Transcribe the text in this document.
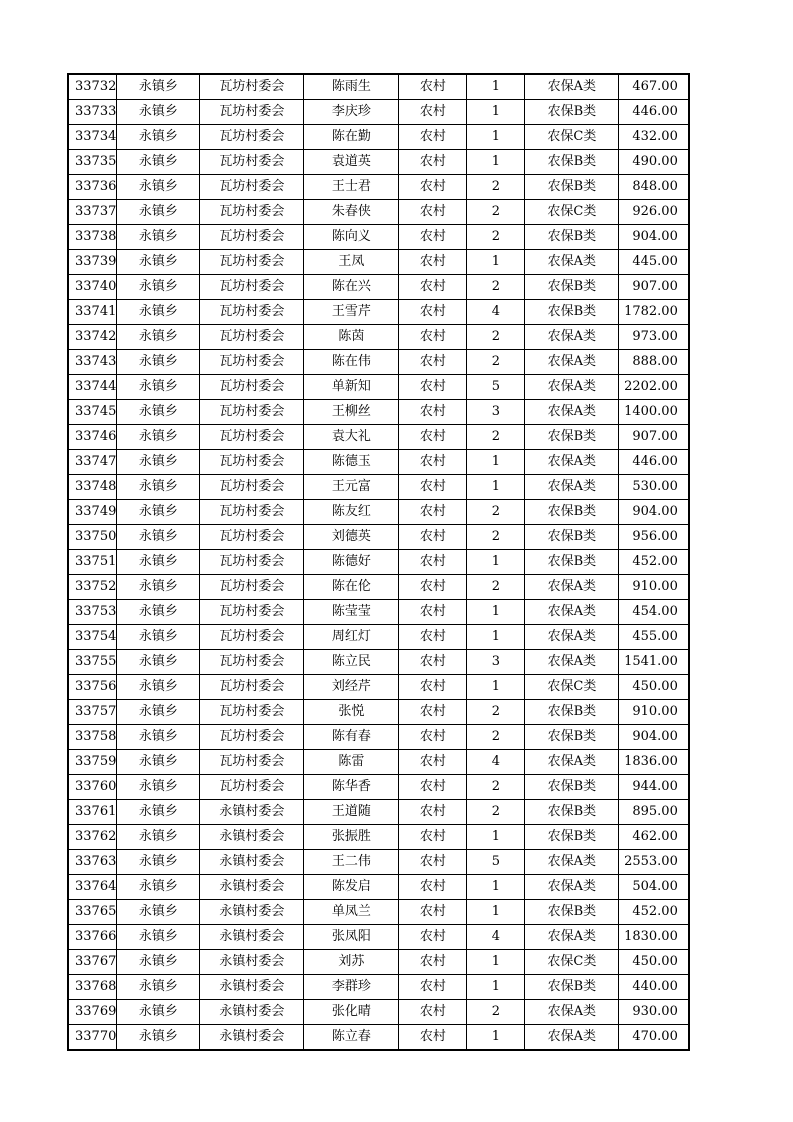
33732	永镇乡	瓦坊村委会	陈雨生	农村	1	农保A类	467.00
33733	永镇乡	瓦坊村委会	李庆珍	农村	1	农保B类	446.00
33734	永镇乡	瓦坊村委会	陈在勤	农村	1	农保C类	432.00
33735	永镇乡	瓦坊村委会	袁道英	农村	1	农保B类	490.00
33736	永镇乡	瓦坊村委会	王士君	农村	2	农保B类	848.00
33737	永镇乡	瓦坊村委会	朱春侠	农村	2	农保C类	926.00
33738	永镇乡	瓦坊村委会	陈向义	农村	2	农保B类	904.00
33739	永镇乡	瓦坊村委会	王凤	农村	1	农保A类	445.00
33740	永镇乡	瓦坊村委会	陈在兴	农村	2	农保B类	907.00
33741	永镇乡	瓦坊村委会	王雪芹	农村	4	农保B类	1782.00
33742	永镇乡	瓦坊村委会	陈茵	农村	2	农保A类	973.00
33743	永镇乡	瓦坊村委会	陈在伟	农村	2	农保A类	888.00
33744	永镇乡	瓦坊村委会	单新知	农村	5	农保A类	2202.00
33745	永镇乡	瓦坊村委会	王柳丝	农村	3	农保A类	1400.00
33746	永镇乡	瓦坊村委会	袁大礼	农村	2	农保B类	907.00
33747	永镇乡	瓦坊村委会	陈德玉	农村	1	农保A类	446.00
33748	永镇乡	瓦坊村委会	王元富	农村	1	农保A类	530.00
33749	永镇乡	瓦坊村委会	陈友红	农村	2	农保B类	904.00
33750	永镇乡	瓦坊村委会	刘德英	农村	2	农保B类	956.00
33751	永镇乡	瓦坊村委会	陈德好	农村	1	农保B类	452.00
33752	永镇乡	瓦坊村委会	陈在伦	农村	2	农保A类	910.00
33753	永镇乡	瓦坊村委会	陈莹莹	农村	1	农保A类	454.00
33754	永镇乡	瓦坊村委会	周红灯	农村	1	农保A类	455.00
33755	永镇乡	瓦坊村委会	陈立民	农村	3	农保A类	1541.00
33756	永镇乡	瓦坊村委会	刘经芹	农村	1	农保C类	450.00
33757	永镇乡	瓦坊村委会	张悦	农村	2	农保B类	910.00
33758	永镇乡	瓦坊村委会	陈有春	农村	2	农保B类	904.00
33759	永镇乡	瓦坊村委会	陈雷	农村	4	农保A类	1836.00
33760	永镇乡	瓦坊村委会	陈华香	农村	2	农保B类	944.00
33761	永镇乡	永镇村委会	王道随	农村	2	农保B类	895.00
33762	永镇乡	永镇村委会	张振胜	农村	1	农保B类	462.00
33763	永镇乡	永镇村委会	王二伟	农村	5	农保A类	2553.00
33764	永镇乡	永镇村委会	陈发启	农村	1	农保A类	504.00
33765	永镇乡	永镇村委会	单凤兰	农村	1	农保B类	452.00
33766	永镇乡	永镇村委会	张凤阳	农村	4	农保A类	1830.00
33767	永镇乡	永镇村委会	刘苏	农村	1	农保C类	450.00
33768	永镇乡	永镇村委会	李群珍	农村	1	农保B类	440.00
33769	永镇乡	永镇村委会	张化晴	农村	2	农保A类	930.00
33770	永镇乡	永镇村委会	陈立春	农村	1	农保A类	470.00
